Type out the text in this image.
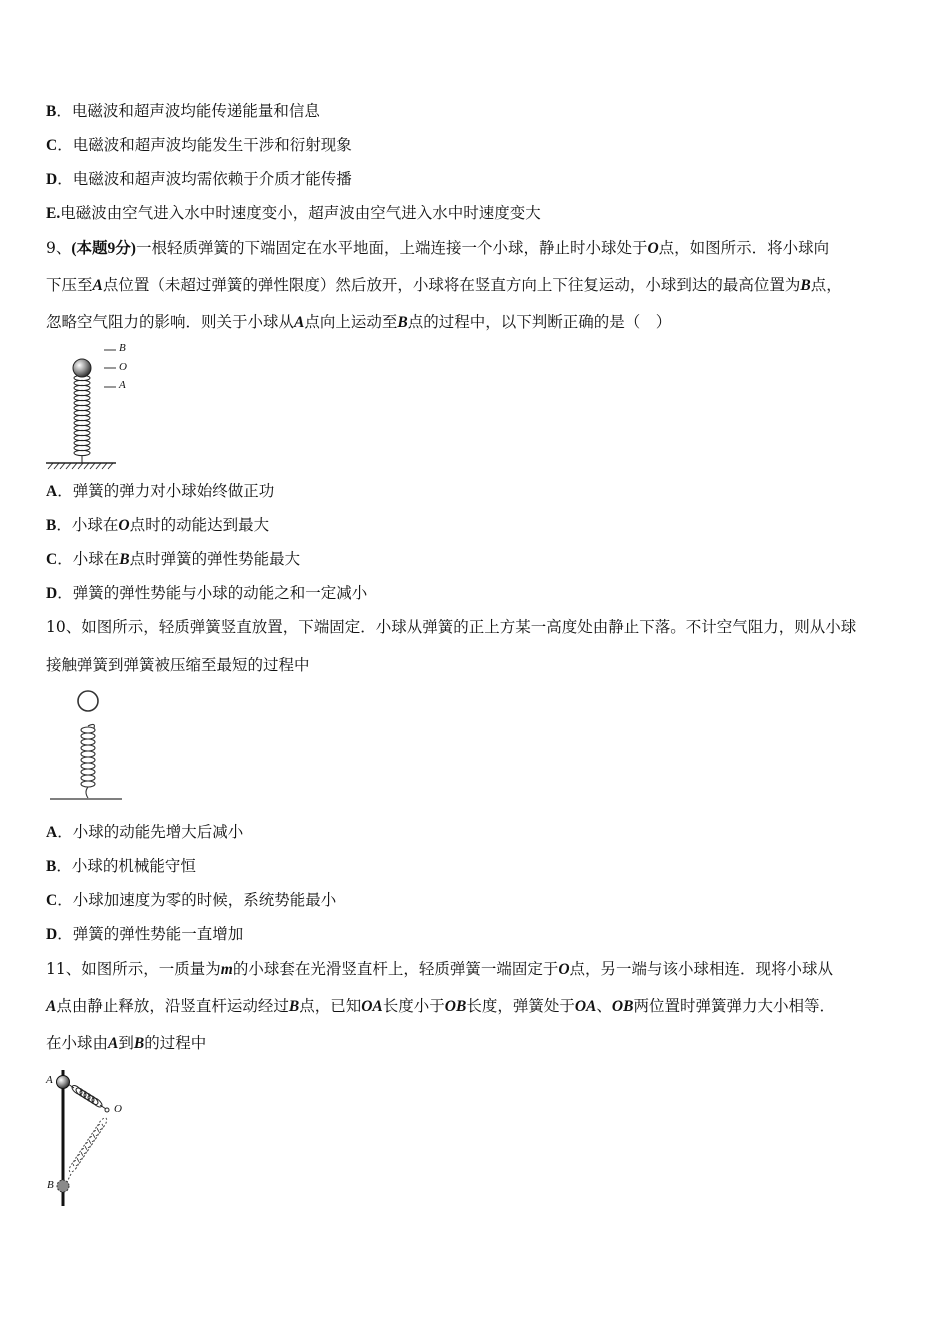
B．电磁波和超声波均能传递能量和信息
C．电磁波和超声波均能发生干涉和衍射现象
D．电磁波和超声波均需依赖于介质才能传播
E.电磁波由空气进入水中时速度变小，超声波由空气进入水中时速度变大
9、(本题9分)一根轻质弹簧的下端固定在水平地面，上端连接一个小球，静止时小球处于O点，如图所示．将小球向
下压至A点位置（未超过弹簧的弹性限度）然后放开，小球将在竖直方向上下往复运动，小球到达的最高位置为B点，
忽略空气阻力的影响．则关于小球从A点向上运动至B点的过程中，以下判断正确的是（　）
B
O
A
A．弹簧的弹力对小球始终做正功
B．小球在O点时的动能达到最大
C．小球在B点时弹簧的弹性势能最大
D．弹簧的弹性势能与小球的动能之和一定减小
10、如图所示，轻质弹簧竖直放置，下端固定．小球从弹簧的正上方某一高度处由静止下落。不计空气阻力，则从小球
接触弹簧到弹簧被压缩至最短的过程中
A．小球的动能先增大后减小
B．小球的机械能守恒
C．小球加速度为零的时候，系统势能最小
D．弹簧的弹性势能一直增加
11、如图所示，一质量为m的小球套在光滑竖直杆上，轻质弹簧一端固定于O点，另一端与该小球相连．现将小球从
A点由静止释放，沿竖直杆运动经过B点，已知OA长度小于OB长度，弹簧处于OA、OB两位置时弹簧弹力大小相等．
在小球由A到B的过程中
A
O
B
